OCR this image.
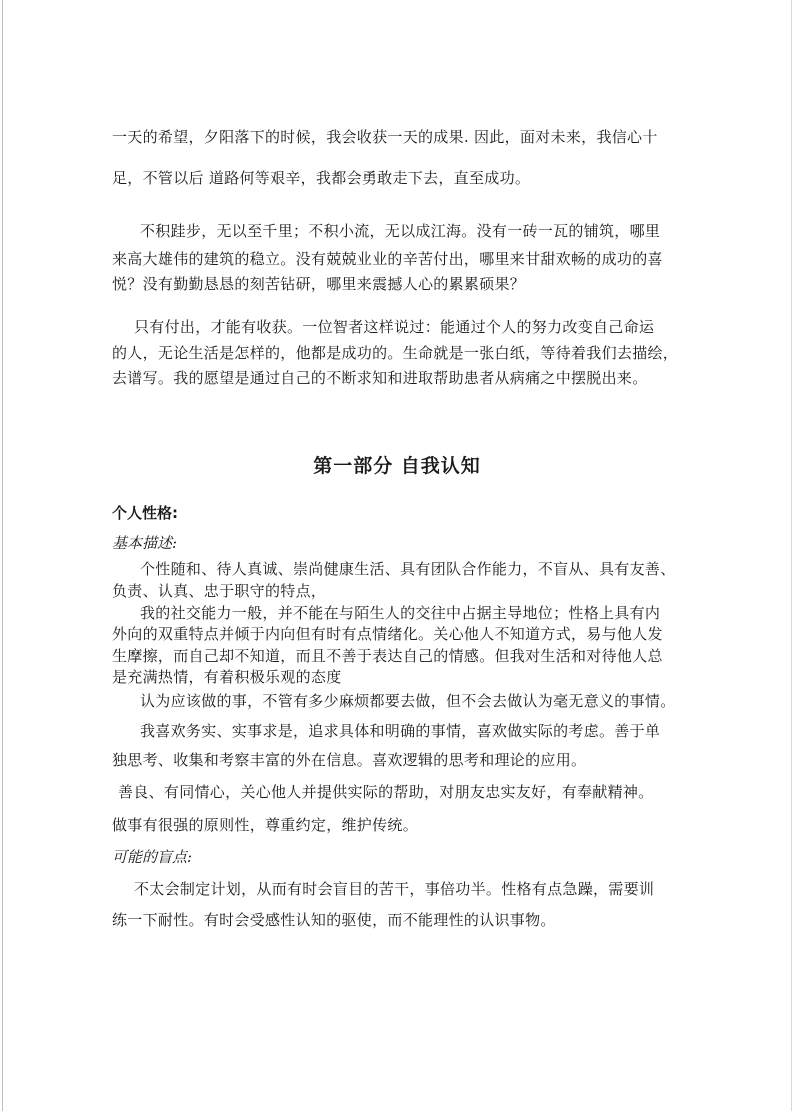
一天的希望，夕阳落下的时候，我会收获一天的成果. 因此，面对未来，我信心十
足，不管以后 道路何等艰辛，我都会勇敢走下去，直至成功。
不积跬步，无以至千里；不积小流，无以成江海。没有一砖一瓦的铺筑，哪里
来高大雄伟的建筑的稳立。没有兢兢业业的辛苦付出，哪里来甘甜欢畅的成功的喜
悦？没有勤勤恳恳的刻苦钻研，哪里来震撼人心的累累硕果？
只有付出，才能有收获。一位智者这样说过：能通过个人的努力改变自己命运
的人，无论生活是怎样的，他都是成功的。生命就是一张白纸，等待着我们去描绘，
去谱写。我的愿望是通过自己的不断求知和进取帮助患者从病痛之中摆脱出来。
第一部分 自我认知
个人性格:
基本描述:
个性随和、待人真诚、崇尚健康生活、具有团队合作能力，不盲从、具有友善、
负责、认真、忠于职守的特点，
我的社交能力一般，并不能在与陌生人的交往中占据主导地位；性格上具有内
外向的双重特点并倾于内向但有时有点情绪化。关心他人不知道方式，易与他人发
生摩擦，而自己却不知道，而且不善于表达自己的情感。但我对生活和对待他人总
是充满热情，有着积极乐观的态度
认为应该做的事，不管有多少麻烦都要去做，但不会去做认为毫无意义的事情。
我喜欢务实、实事求是，追求具体和明确的事情，喜欢做实际的考虑。善于单
独思考、收集和考察丰富的外在信息。喜欢逻辑的思考和理论的应用。
善良、有同情心，关心他人并提供实际的帮助，对朋友忠实友好，有奉献精神。
做事有很强的原则性，尊重约定，维护传统。
可能的盲点:
不太会制定计划，从而有时会盲目的苦干，事倍功半。性格有点急躁，需要训
练一下耐性。有时会受感性认知的驱使，而不能理性的认识事物。
